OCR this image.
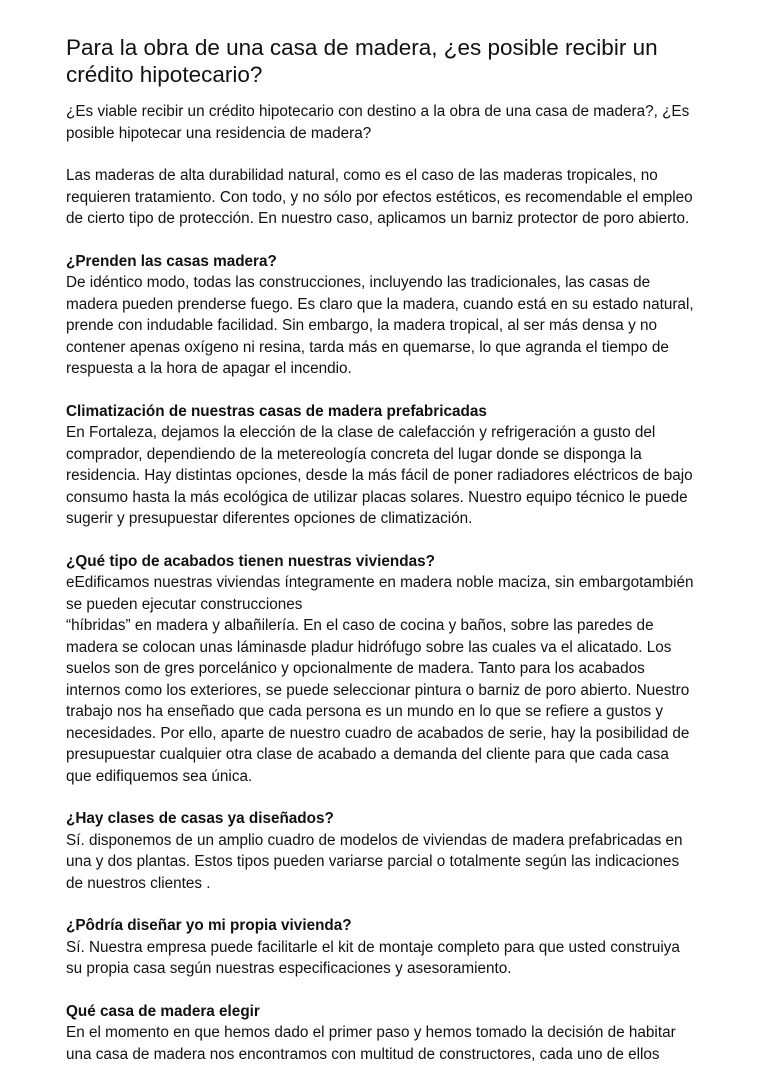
Para la obra de una casa de madera, ¿es posible recibir un
crédito hipotecario?

¿Es viable recibir un crédito hipotecario con destino a la obra de una casa de madera?, ¿Es
posible hipotecar una residencia de madera?

Las maderas de alta durabilidad natural, como es el caso de las maderas tropicales, no
requieren tratamiento. Con todo, y no sólo por efectos estéticos, es recomendable el empleo
de cierto tipo de protección. En nuestro caso, aplicamos un barniz protector de poro abierto.

¿Prenden las casas madera?

De idéntico modo, todas las construcciones, incluyendo las tradicionales, las casas de
madera pueden prenderse fuego. Es claro que la madera, cuando está en su estado natural,
prende con indudable facilidad. Sin embargo, la madera tropical, al ser más densa y no
contener apenas oxígeno ni resina, tarda más en quemarse, lo que agranda el tiempo de
respuesta a la hora de apagar el incendio.

Climatización de nuestras casas de madera prefabricadas

En Fortaleza, dejamos la elección de la clase de calefacción y refrigeración a gusto del
comprador, dependiendo de la metereología concreta del lugar donde se disponga la
residencia. Hay distintas opciones, desde la más fácil de poner radiadores eléctricos de bajo
consumo hasta la más ecológica de utilizar placas solares. Nuestro equipo técnico le puede
sugerir y presupuestar diferentes opciones de climatización.

¿Qué tipo de acabados tienen nuestras viviendas?

eEdificamos nuestras viviendas íntegramente en madera noble maciza, sin embargotambién
se pueden ejecutar construcciones
“híbridas” en madera y albañilería. En el caso de cocina y baños, sobre las paredes de
madera se colocan unas láminasde pladur hidrófugo sobre las cuales va el alicatado. Los
suelos son de gres porcelánico y opcionalmente de madera. Tanto para los acabados
internos como los exteriores, se puede seleccionar pintura o barniz de poro abierto. Nuestro
trabajo nos ha enseñado que cada persona es un mundo en lo que se refiere a gustos y
necesidades. Por ello, aparte de nuestro cuadro de acabados de serie, hay la posibilidad de
presupuestar cualquier otra clase de acabado a demanda del cliente para que cada casa
que edifiquemos sea única.

¿Hay clases de casas ya diseñados?

Sí. disponemos de un amplio cuadro de modelos de viviendas de madera prefabricadas en
una y dos plantas. Estos tipos pueden variarse parcial o totalmente según las indicaciones
de nuestros clientes .

¿Pôdría diseñar yo mi propia vivienda?

Sí. Nuestra empresa puede facilitarle el kit de montaje completo para que usted construiya
su propia casa según nuestras especificaciones y asesoramiento.

Qué casa de madera elegir

En el momento en que hemos dado el primer paso y hemos tomado la decisión de habitar
una casa de madera nos encontramos con multitud de constructores, cada uno de ellos
